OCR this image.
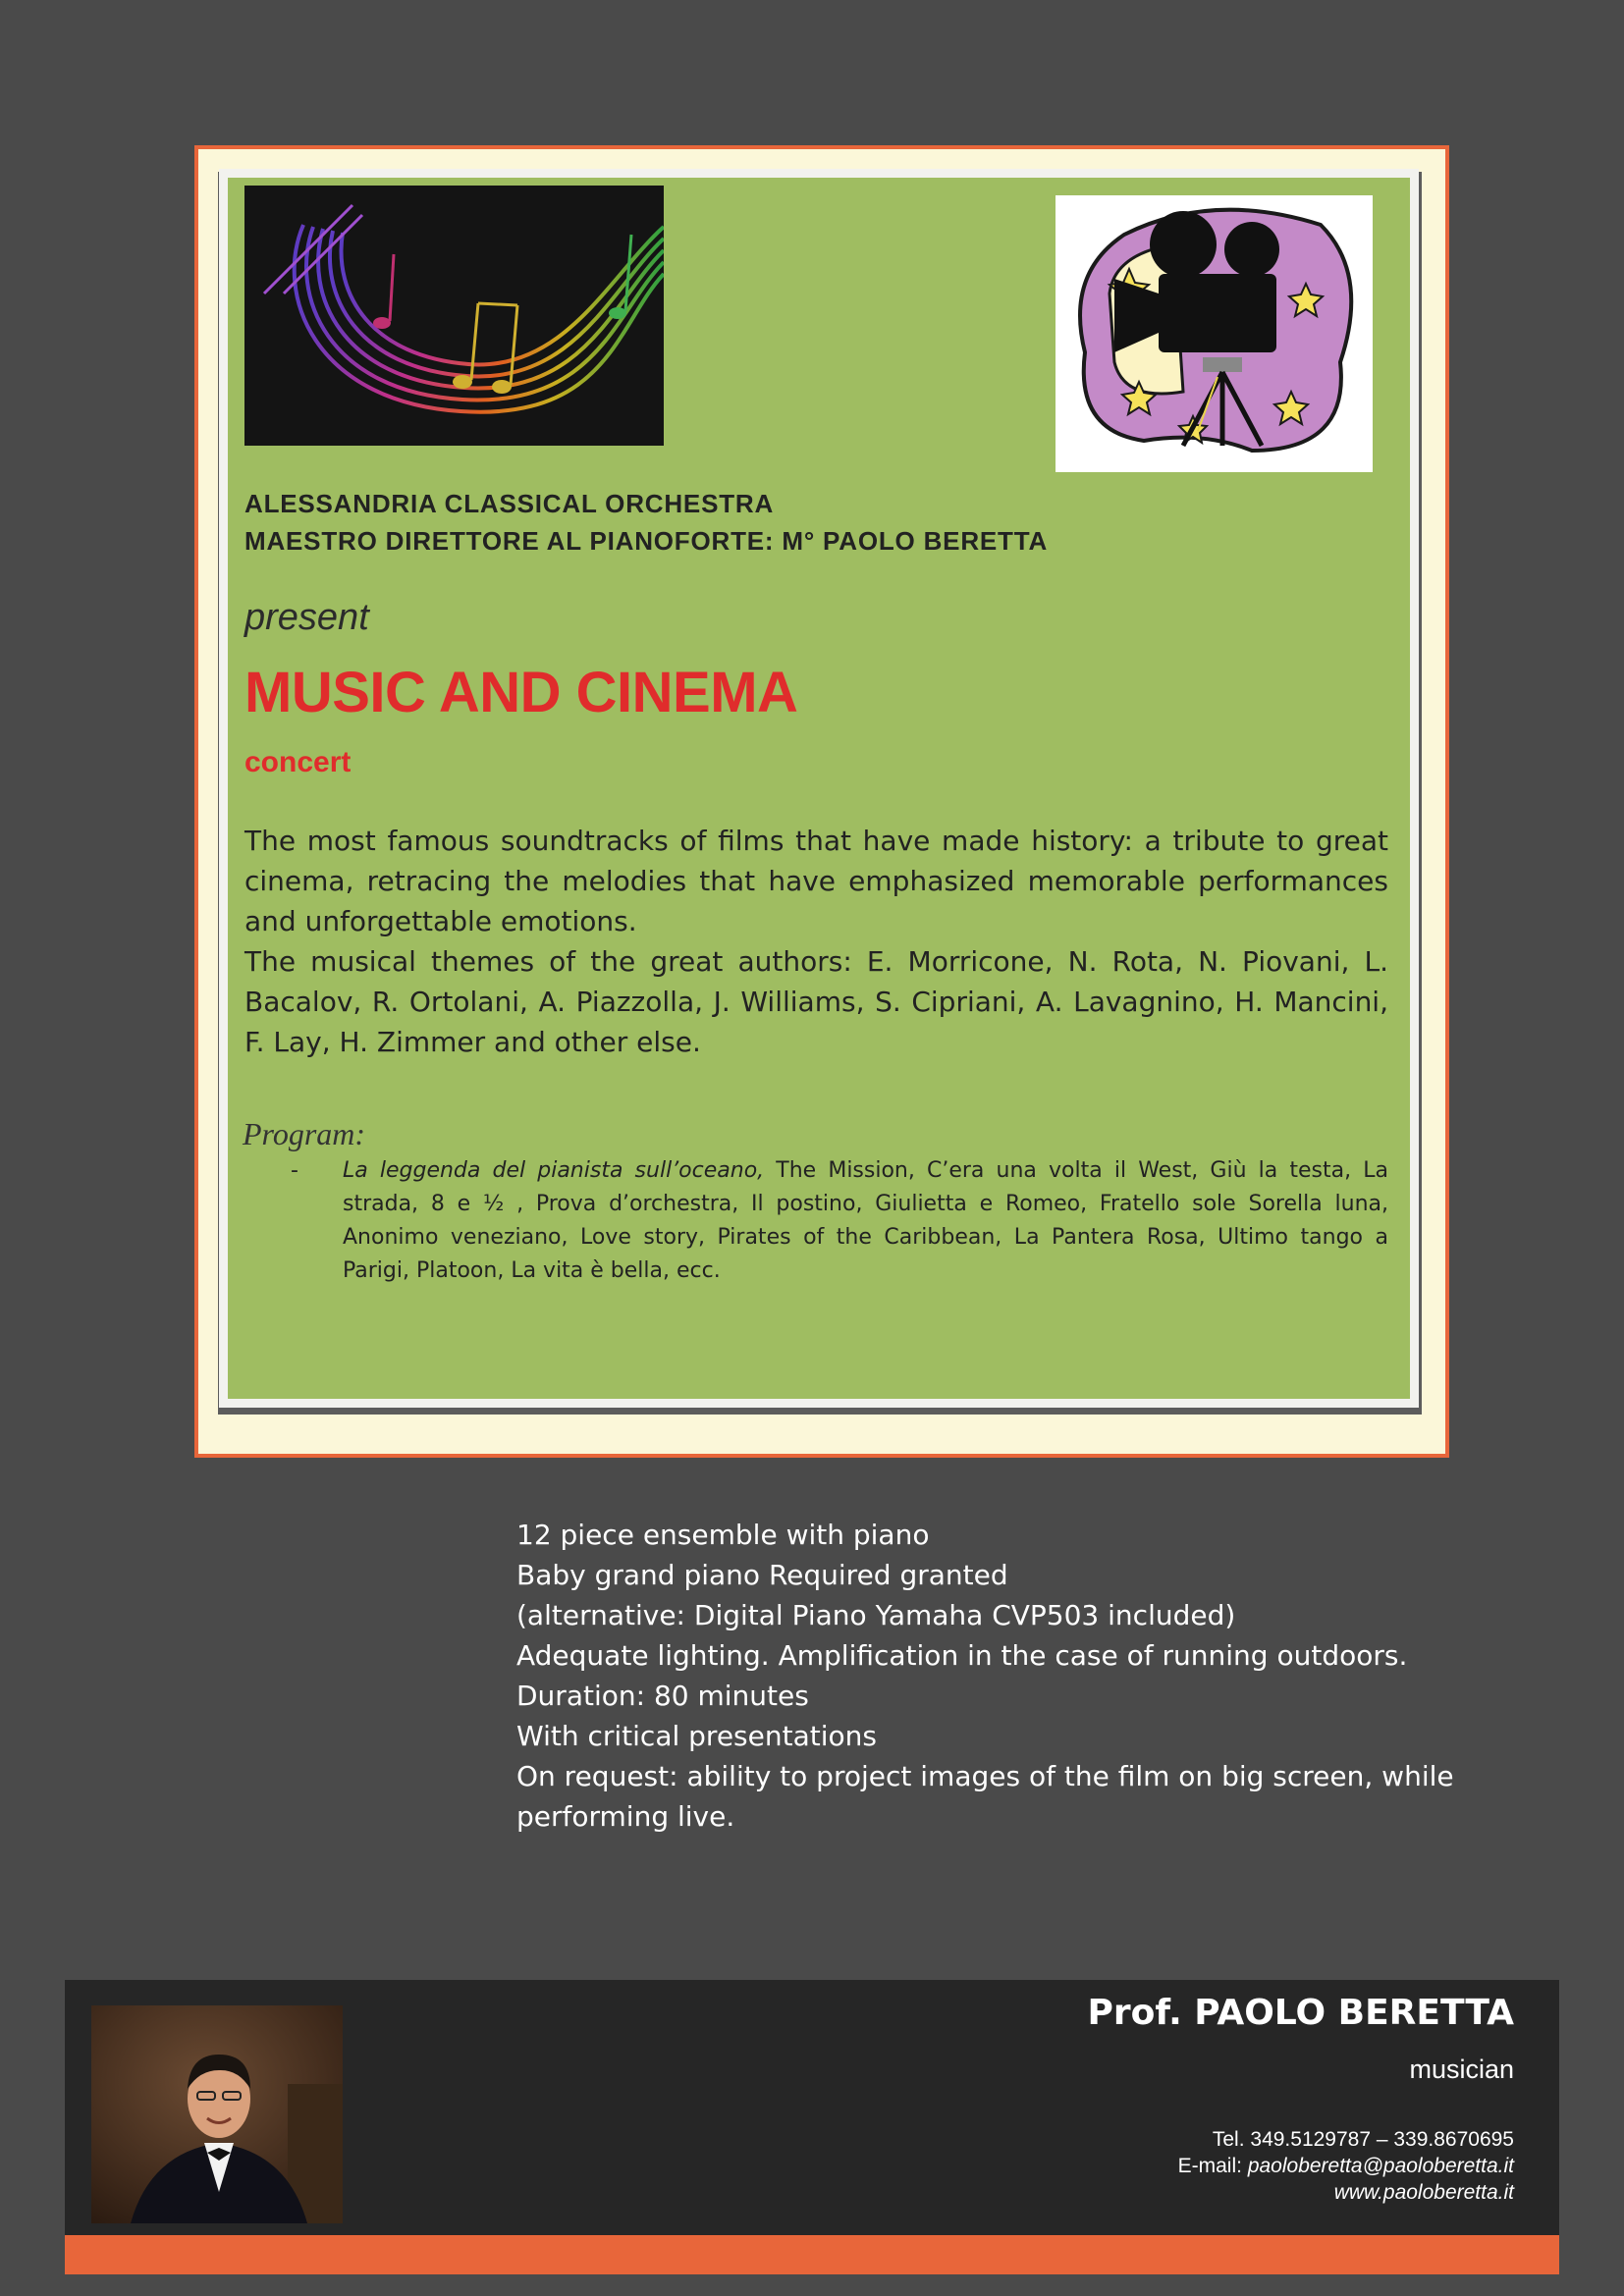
ALESSANDRIA CLASSICAL ORCHESTRA
MAESTRO DIRETTORE AL PIANOFORTE: M° PAOLO BERETTA
present
MUSIC AND CINEMA
concert

The most famous soundtracks of films that have made history: a tribute to great cinema, retracing the melodies that have emphasized memorable performances and unforgettable emotions.

The musical themes of the great authors: E. Morricone, N. Rota, N. Piovani, L. Bacalov, R. Ortolani, A. Piazzolla, J. Williams, S. Cipriani, A. Lavagnino, H. Mancini, F. Lay, H. Zimmer and other else.

Program:
- La leggenda del pianista sull’oceano, The Mission, C’era una volta il West, Giù la testa, La strada, 8 e ½ , Prova d’orchestra, Il postino, Giulietta e Romeo, Fratello sole Sorella luna, Anonimo veneziano, Love story, Pirates of the Caribbean, La Pantera Rosa, Ultimo tango a Parigi, Platoon, La vita è bella, ecc.
12 piece ensemble with piano
Baby grand piano Required granted
(alternative: Digital Piano Yamaha CVP503 included)
Adequate lighting. Amplification in the case of running outdoors.
Duration: 80 minutes
With critical presentations
On request: ability to project images of the film on big screen, while
performing live.
Prof. PAOLO BERETTA
musician
Tel. 349.5129787 – 339.8670695
E-mail: paoloberetta@paoloberetta.it
www.paoloberetta.it
